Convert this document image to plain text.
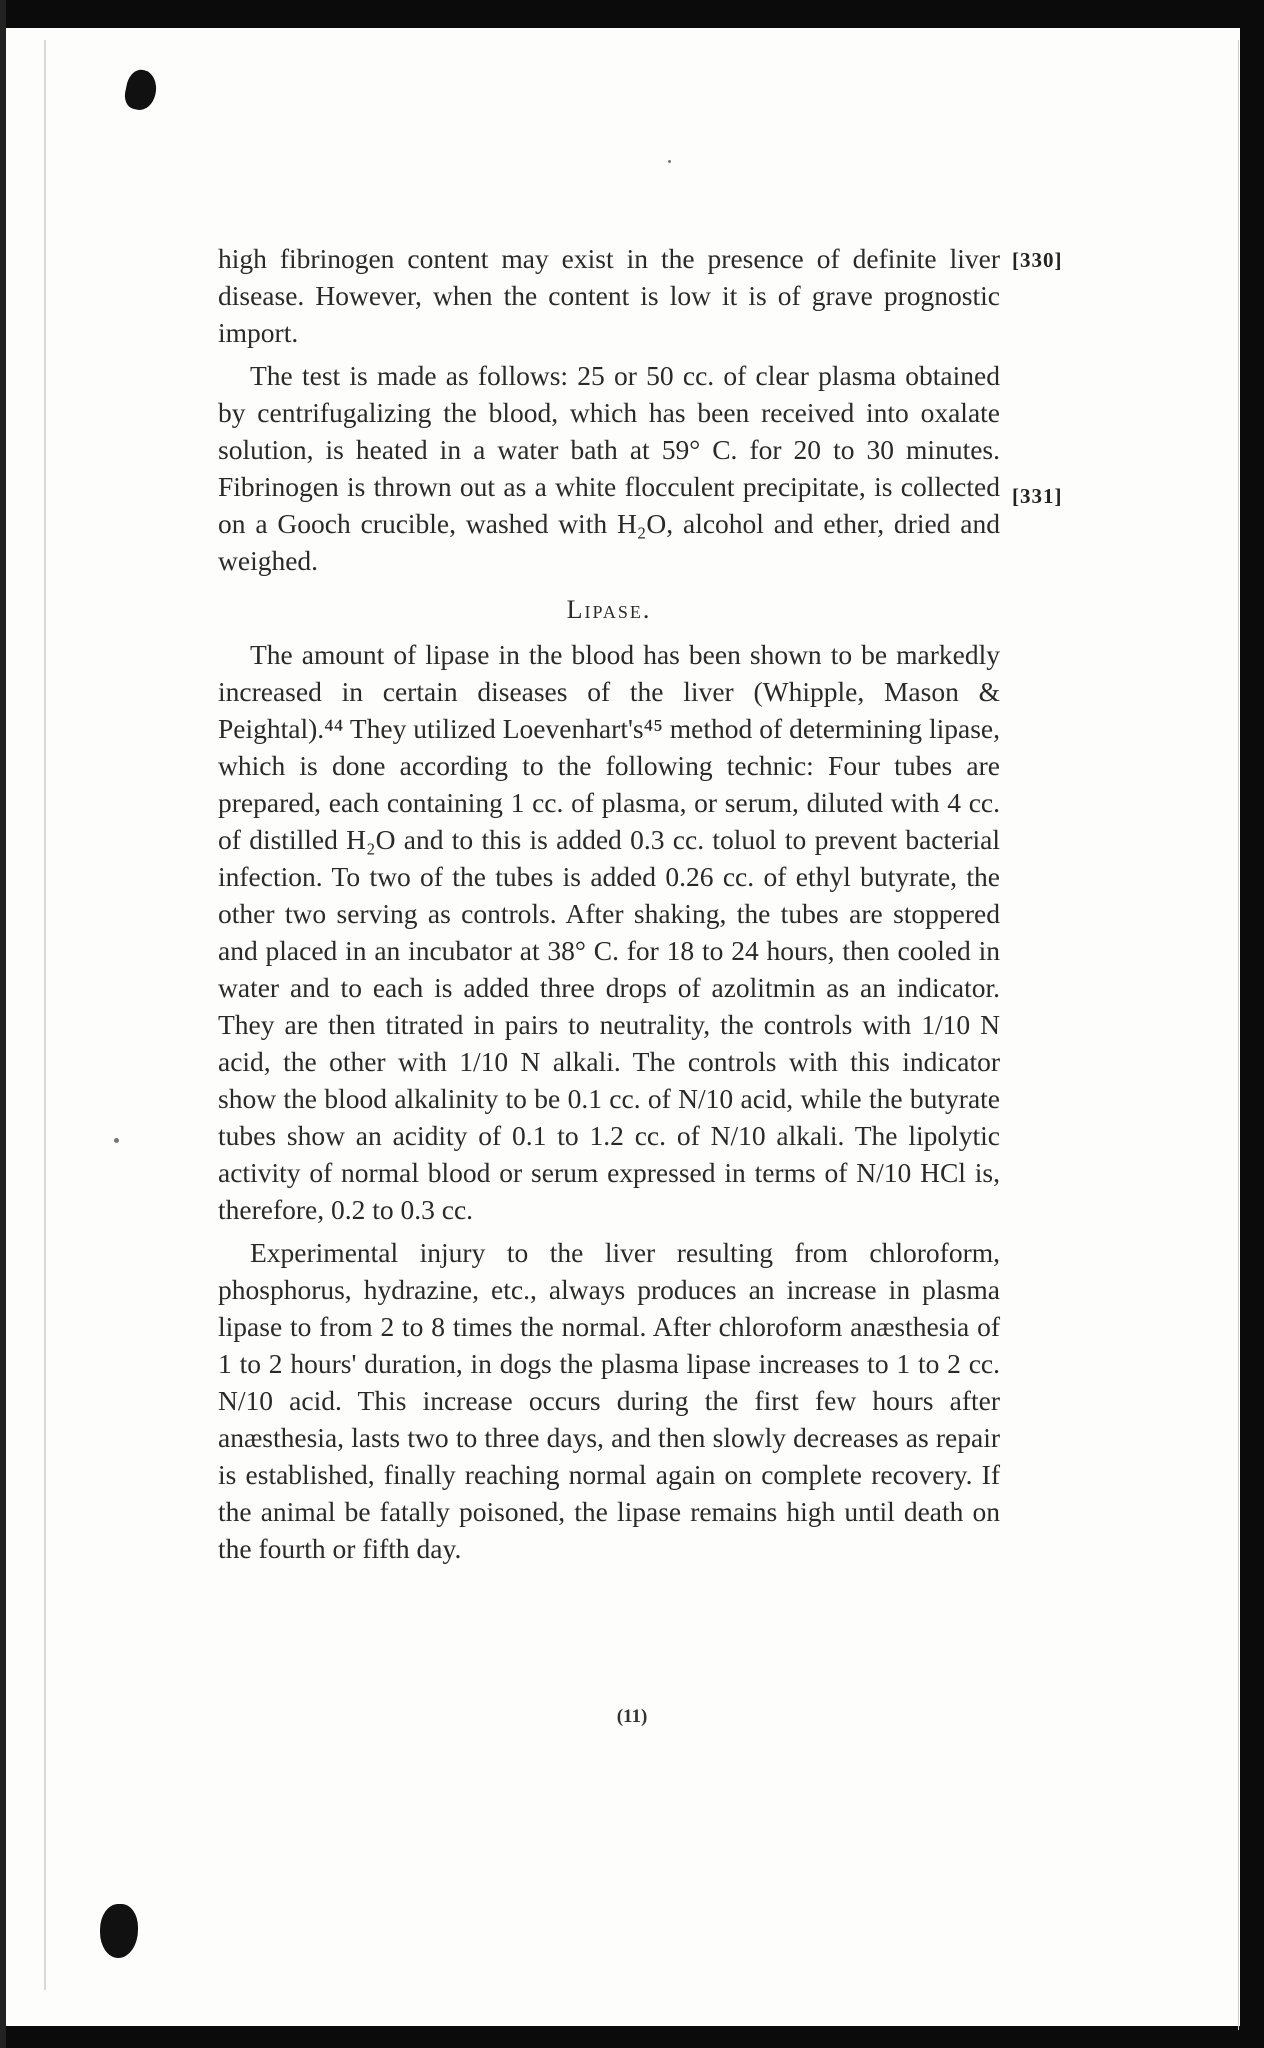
[330]
[331]

high fibrinogen content may exist in the presence of definite liver disease. However, when the content is low it is of grave prognostic import.

The test is made as follows: 25 or 50 cc. of clear plasma obtained by centrifugalizing the blood, which has been received into oxalate solution, is heated in a water bath at 59° C. for 20 to 30 minutes. Fibrinogen is thrown out as a white flocculent precipitate, is collected on a Gooch crucible, washed with H₂O, alcohol and ether, dried and weighed.

Lipase.

The amount of lipase in the blood has been shown to be markedly increased in certain diseases of the liver (Whipple, Mason & Peightal).⁴⁴ They utilized Loevenhart's⁴⁵ method of determining lipase, which is done according to the following technic: Four tubes are prepared, each containing 1 cc. of plasma, or serum, diluted with 4 cc. of distilled H₂O and to this is added 0.3 cc. toluol to prevent bacterial infection. To two of the tubes is added 0.26 cc. of ethyl butyrate, the other two serving as controls. After shaking, the tubes are stoppered and placed in an incubator at 38° C. for 18 to 24 hours, then cooled in water and to each is added three drops of azolitmin as an indicator. They are then titrated in pairs to neutrality, the controls with 1/10 N acid, the other with 1/10 N alkali. The controls with this indicator show the blood alkalinity to be 0.1 cc. of N/10 acid, while the butyrate tubes show an acidity of 0.1 to 1.2 cc. of N/10 alkali. The lipolytic activity of normal blood or serum expressed in terms of N/10 HCl is, therefore, 0.2 to 0.3 cc.

Experimental injury to the liver resulting from chloroform, phosphorus, hydrazine, etc., always produces an increase in plasma lipase to from 2 to 8 times the normal. After chloroform anæsthesia of 1 to 2 hours' duration, in dogs the plasma lipase increases to 1 to 2 cc. N/10 acid. This increase occurs during the first few hours after anæsthesia, lasts two to three days, and then slowly decreases as repair is established, finally reaching normal again on complete recovery. If the animal be fatally poisoned, the lipase remains high until death on the fourth or fifth day.

(11)
